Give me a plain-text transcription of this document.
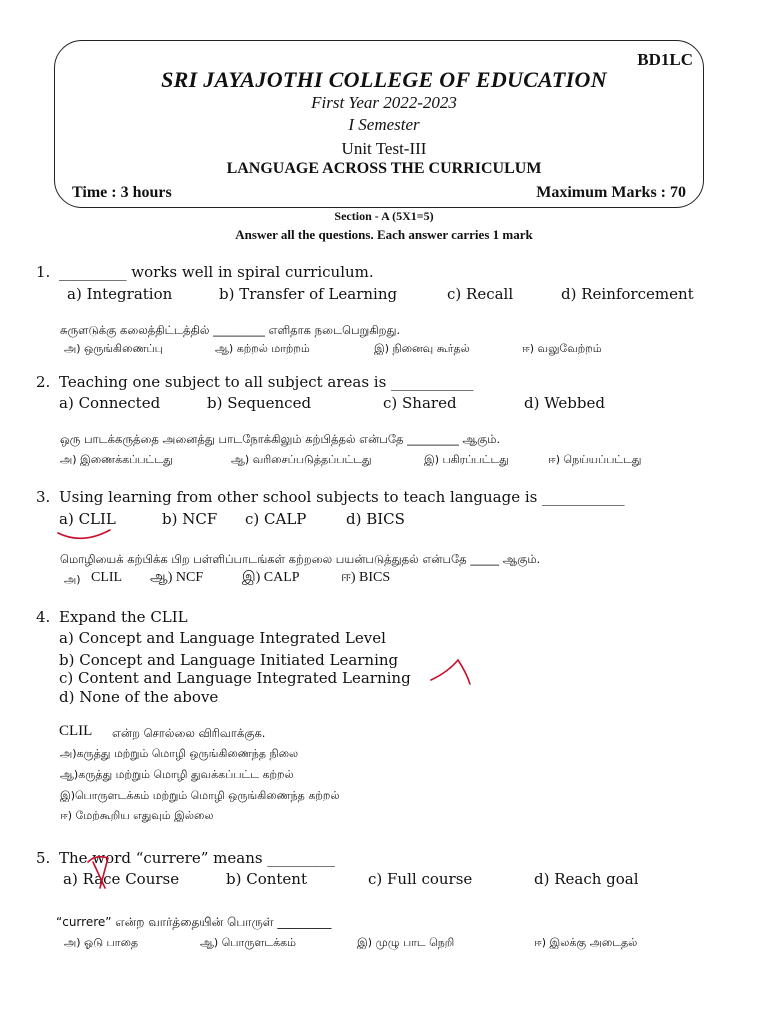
BD1LC
SRI JAYAJOTHI COLLEGE OF EDUCATION
First Year 2022-2023
I Semester
Unit Test-III
LANGUAGE ACROSS THE CURRICULUM
Time : 3 hours	Maximum Marks : 70
Section - A (5X1=5)
Answer all the questions. Each answer carries 1 mark
1. _________ works well in spiral curriculum.
a) Integration	b) Transfer of Learning	c) Recall	d) Reinforcement
சுருளடுக்கு கலைத்திட்டத்தில் _________ எளிதாக நடைபெறுகிறது.
அ) ஒருங்கிணைப்பு	ஆ) கற்றல் மாற்றம்	இ) நினைவு கூர்தல்	ஈ) வலுவேற்றம்
2. Teaching one subject to all subject areas is ___________
a) Connected	b) Sequenced	c) Shared	d) Webbed
ஒரு பாடக்கருத்தை அனைத்து பாடநோக்கிலும் கற்பித்தல் என்பதே _________ ஆகும்.
அ) இணைக்கப்பட்டது	ஆ) வரிசைப்படுத்தப்பட்டது	இ) பகிரப்பட்டது	ஈ) நெய்யப்பட்டது
3. Using learning from other school subjects to teach language is ___________
a) CLIL	b) NCF c) CALP	d) BICS
மொழியைக் கற்பிக்க பிற பள்ளிப்பாடங்கள் கற்றலை பயன்படுத்துதல் என்பதே _____ ஆகும்.
அ) CLIL ஆ) NCF	இ) CALP	ஈ) BICS
4. Expand the CLIL
a) Concept and Language Integrated Level
b) Concept and Language Initiated Learning
c) Content and Language Integrated Learning
d) None of the above
CLIL என்ற சொல்லை விரிவாக்குக.
அ)கருத்து மற்றும் மொழி ஒருங்கிணைந்த நிலை
ஆ)கருத்து மற்றும் மொழி துவக்கப்பட்ட கற்றல்
இ)பொருளடக்கம் மற்றும் மொழி ஒருங்கிணைந்த கற்றல்
ஈ) மேற்கூறிய எதுவும் இல்லை
5. The word “currere” means _________
a) Race Course	b) Content	c) Full course	d) Reach goal
“currere” என்ற வார்த்தையின் பொருள் _________
அ) ஓடு பாதை	ஆ) பொருளடக்கம்	இ) முழு பாட நெறி	ஈ) இலக்கு அடைதல்
